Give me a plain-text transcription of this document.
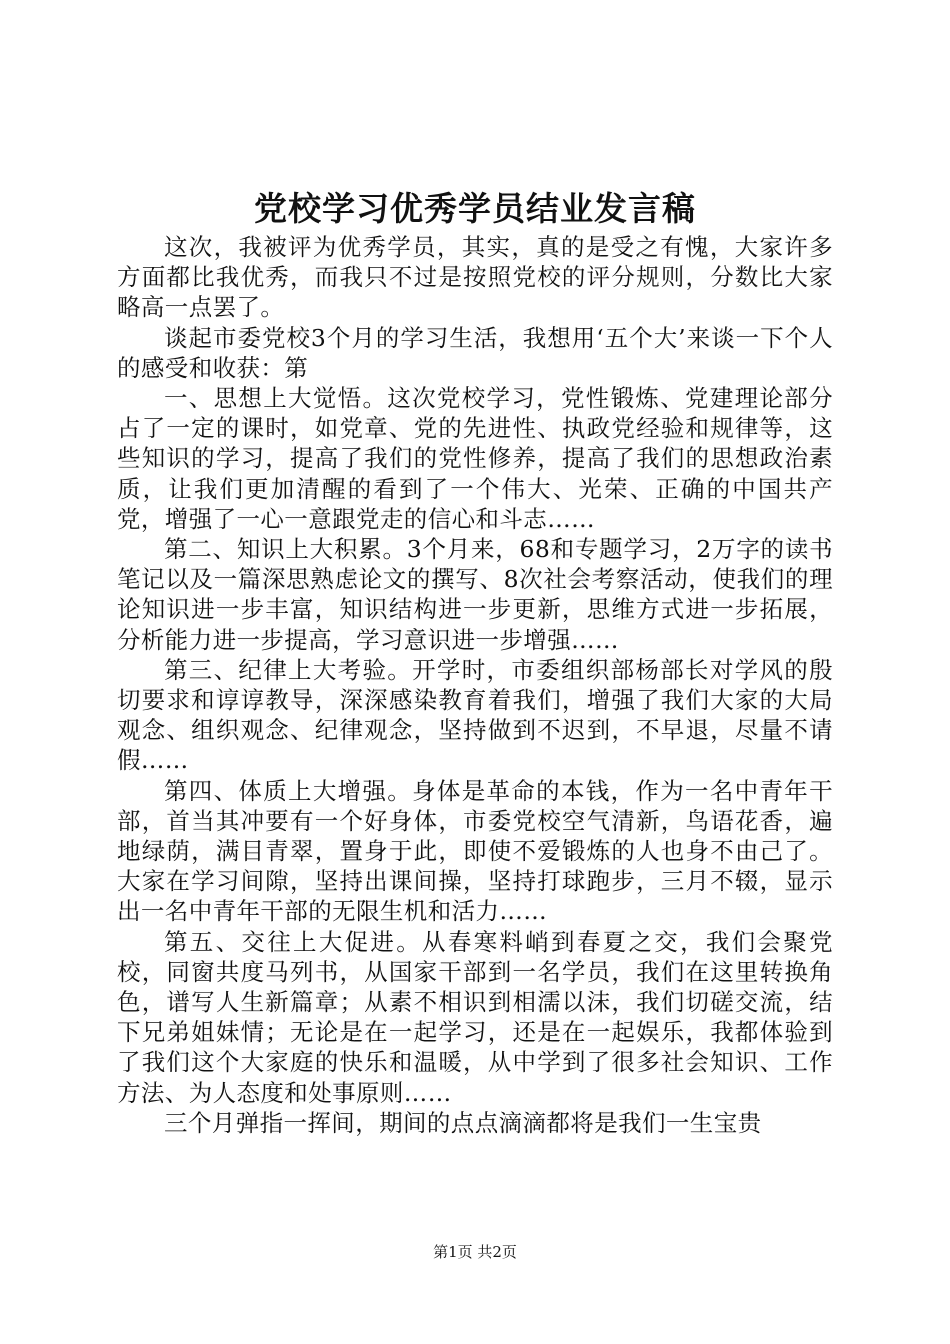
党校学习优秀学员结业发言稿

这次，我被评为优秀学员，其实，真的是受之有愧，大家许多方面都比我优秀，而我只不过是按照党校的评分规则，分数比大家略高一点罢了。

谈起市委党校3个月的学习生活，我想用‘五个大’来谈一下个人的感受和收获：第

一、思想上大觉悟。这次党校学习，党性锻炼、党建理论部分占了一定的课时，如党章、党的先进性、执政党经验和规律等，这些知识的学习，提高了我们的党性修养，提高了我们的思想政治素质，让我们更加清醒的看到了一个伟大、光荣、正确的中国共产党，增强了一心一意跟党走的信心和斗志……

第二、知识上大积累。3个月来，68和专题学习，2万字的读书笔记以及一篇深思熟虑论文的撰写、8次社会考察活动，使我们的理论知识进一步丰富，知识结构进一步更新，思维方式进一步拓展，分析能力进一步提高，学习意识进一步增强……

第三、纪律上大考验。开学时，市委组织部杨部长对学风的殷切要求和谆谆教导，深深感染教育着我们，增强了我们大家的大局观念、组织观念、纪律观念，坚持做到不迟到，不早退，尽量不请假……

第四、体质上大增强。身体是革命的本钱，作为一名中青年干部，首当其冲要有一个好身体，市委党校空气清新，鸟语花香，遍地绿荫，满目青翠，置身于此，即使不爱锻炼的人也身不由己了。大家在学习间隙，坚持出课间操，坚持打球跑步，三月不辍，显示出一名中青年干部的无限生机和活力……

第五、交往上大促进。从春寒料峭到春夏之交，我们会聚党校，同窗共度马列书，从国家干部到一名学员，我们在这里转换角色，谱写人生新篇章；从素不相识到相濡以沫，我们切磋交流，结下兄弟姐妹情；无论是在一起学习，还是在一起娱乐，我都体验到了我们这个大家庭的快乐和温暖，从中学到了很多社会知识、工作方法、为人态度和处事原则……

三个月弹指一挥间，期间的点点滴滴都将是我们一生宝贵

第1页 共2页
